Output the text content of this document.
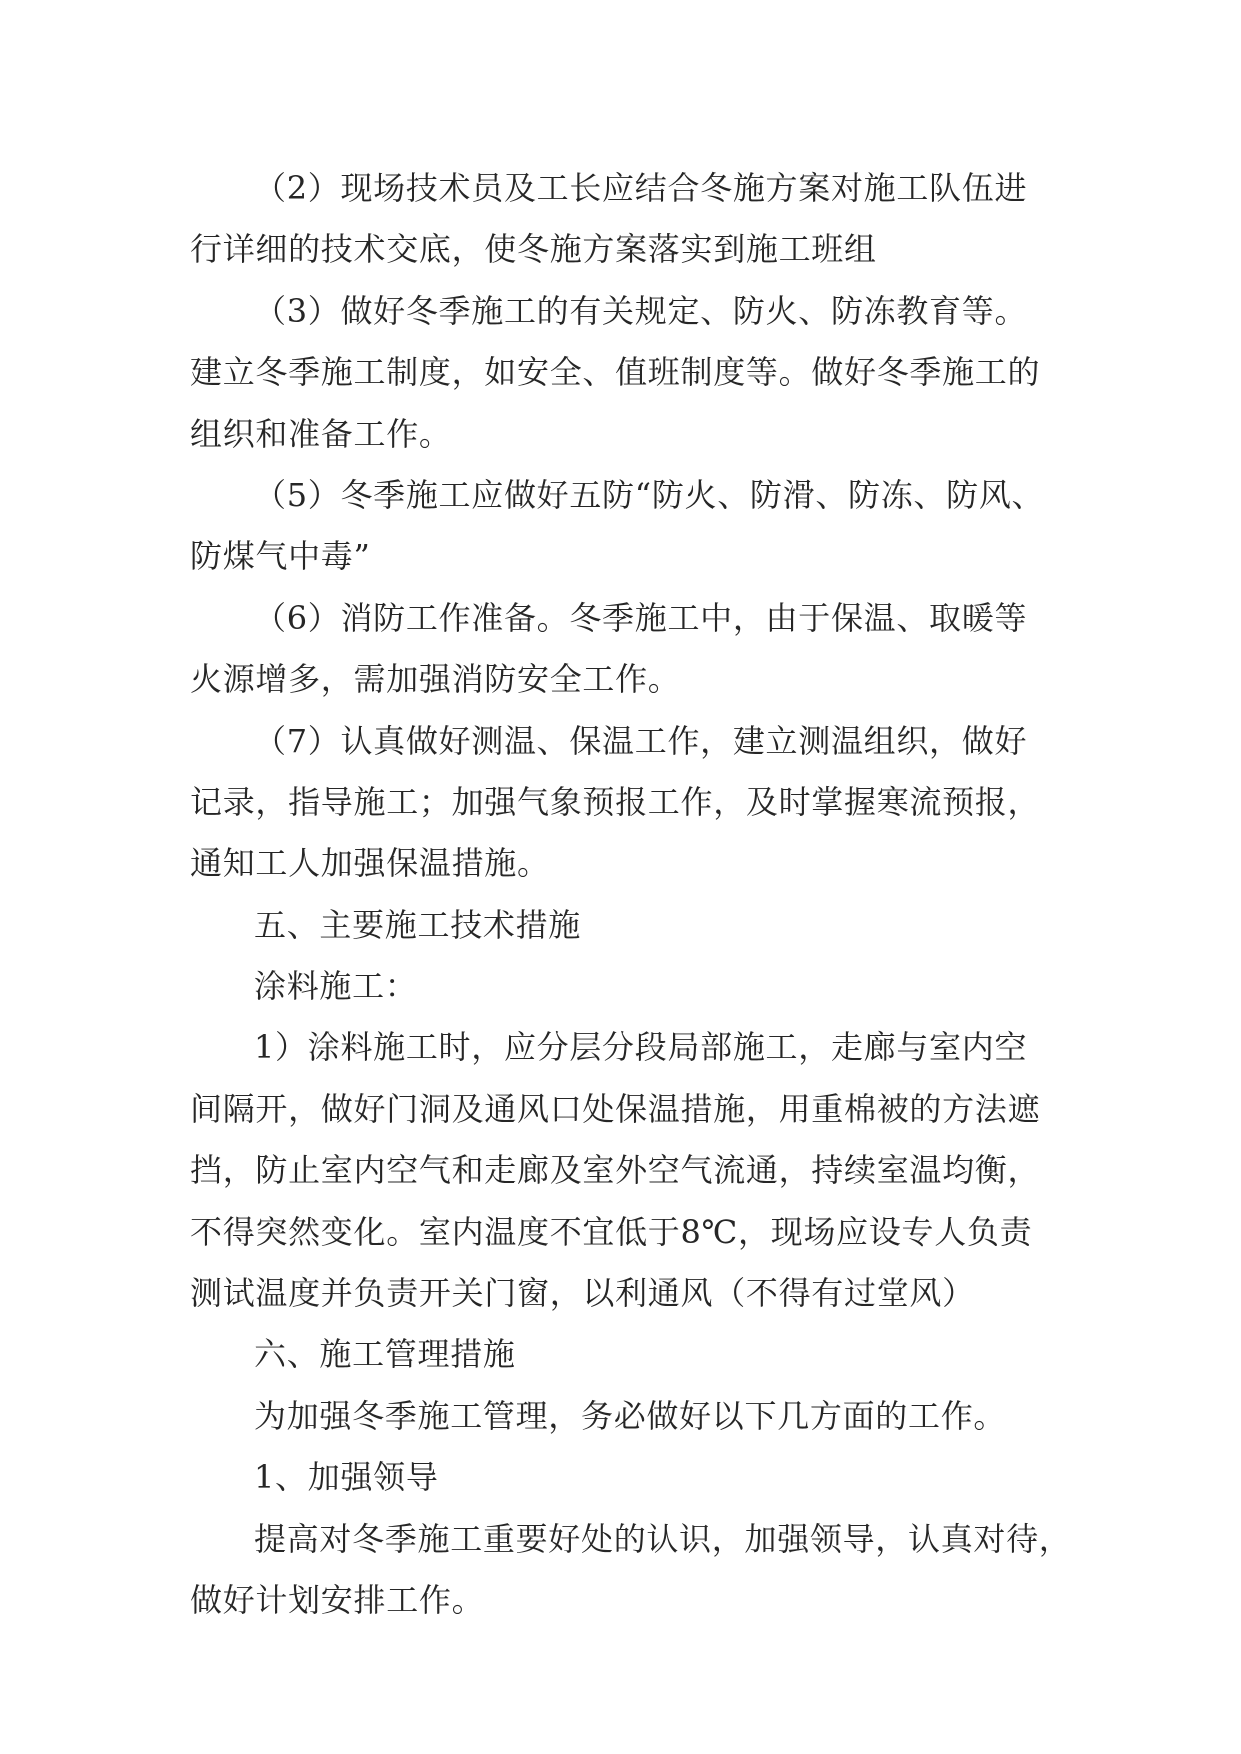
（2）现场技术员及工长应结合冬施方案对施工队伍进
行详细的技术交底，使冬施方案落实到施工班组
（3）做好冬季施工的有关规定、防火、防冻教育等。
建立冬季施工制度，如安全、值班制度等。做好冬季施工的
组织和准备工作。
（5）冬季施工应做好五防“防火、防滑、防冻、防风、
防煤气中毒”
（6）消防工作准备。冬季施工中，由于保温、取暖等
火源增多，需加强消防安全工作。
（7）认真做好测温、保温工作，建立测温组织，做好
记录，指导施工；加强气象预报工作，及时掌握寒流预报，
通知工人加强保温措施。
五、主要施工技术措施
涂料施工：
1）涂料施工时，应分层分段局部施工，走廊与室内空
间隔开，做好门洞及通风口处保温措施，用重棉被的方法遮
挡，防止室内空气和走廊及室外空气流通，持续室温均衡，
不得突然变化。室内温度不宜低于8℃，现场应设专人负责
测试温度并负责开关门窗，以利通风（不得有过堂风）
六、施工管理措施
为加强冬季施工管理，务必做好以下几方面的工作。
1、加强领导
提高对冬季施工重要好处的认识，加强领导，认真对待，
做好计划安排工作。
